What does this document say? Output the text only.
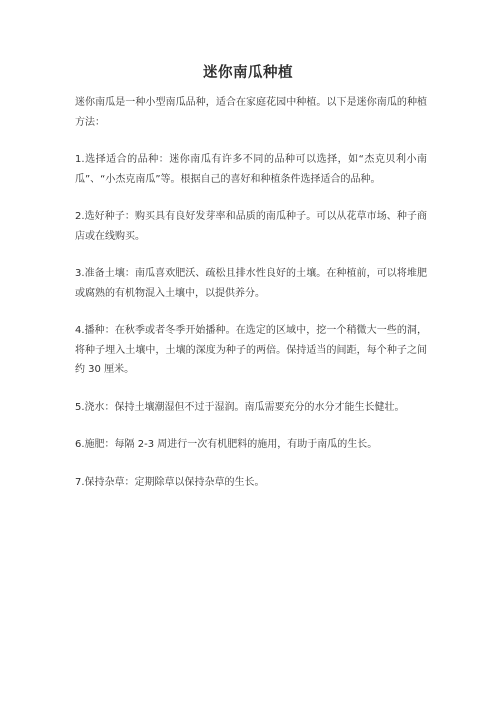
迷你南瓜种植

迷你南瓜是一种小型南瓜品种，适合在家庭花园中种植。以下是迷你南瓜的种植方法：

1.选择适合的品种：迷你南瓜有许多不同的品种可以选择，如“杰克贝利小南瓜”、“小杰克南瓜”等。根据自己的喜好和种植条件选择适合的品种。

2.选好种子：购买具有良好发芽率和品质的南瓜种子。可以从花草市场、种子商店或在线购买。

3.准备土壤：南瓜喜欢肥沃、疏松且排水性良好的土壤。在种植前，可以将堆肥或腐熟的有机物混入土壤中，以提供养分。

4.播种：在秋季或者冬季开始播种。在选定的区域中，挖一个稍微大一些的洞，将种子埋入土壤中，土壤的深度为种子的两倍。保持适当的间距，每个种子之间约 30 厘米。

5.浇水：保持土壤潮湿但不过于湿润。南瓜需要充分的水分才能生长健壮。

6.施肥：每隔 2-3 周进行一次有机肥料的施用，有助于南瓜的生长。

7.保持杂草：定期除草以保持杂草的生长。
